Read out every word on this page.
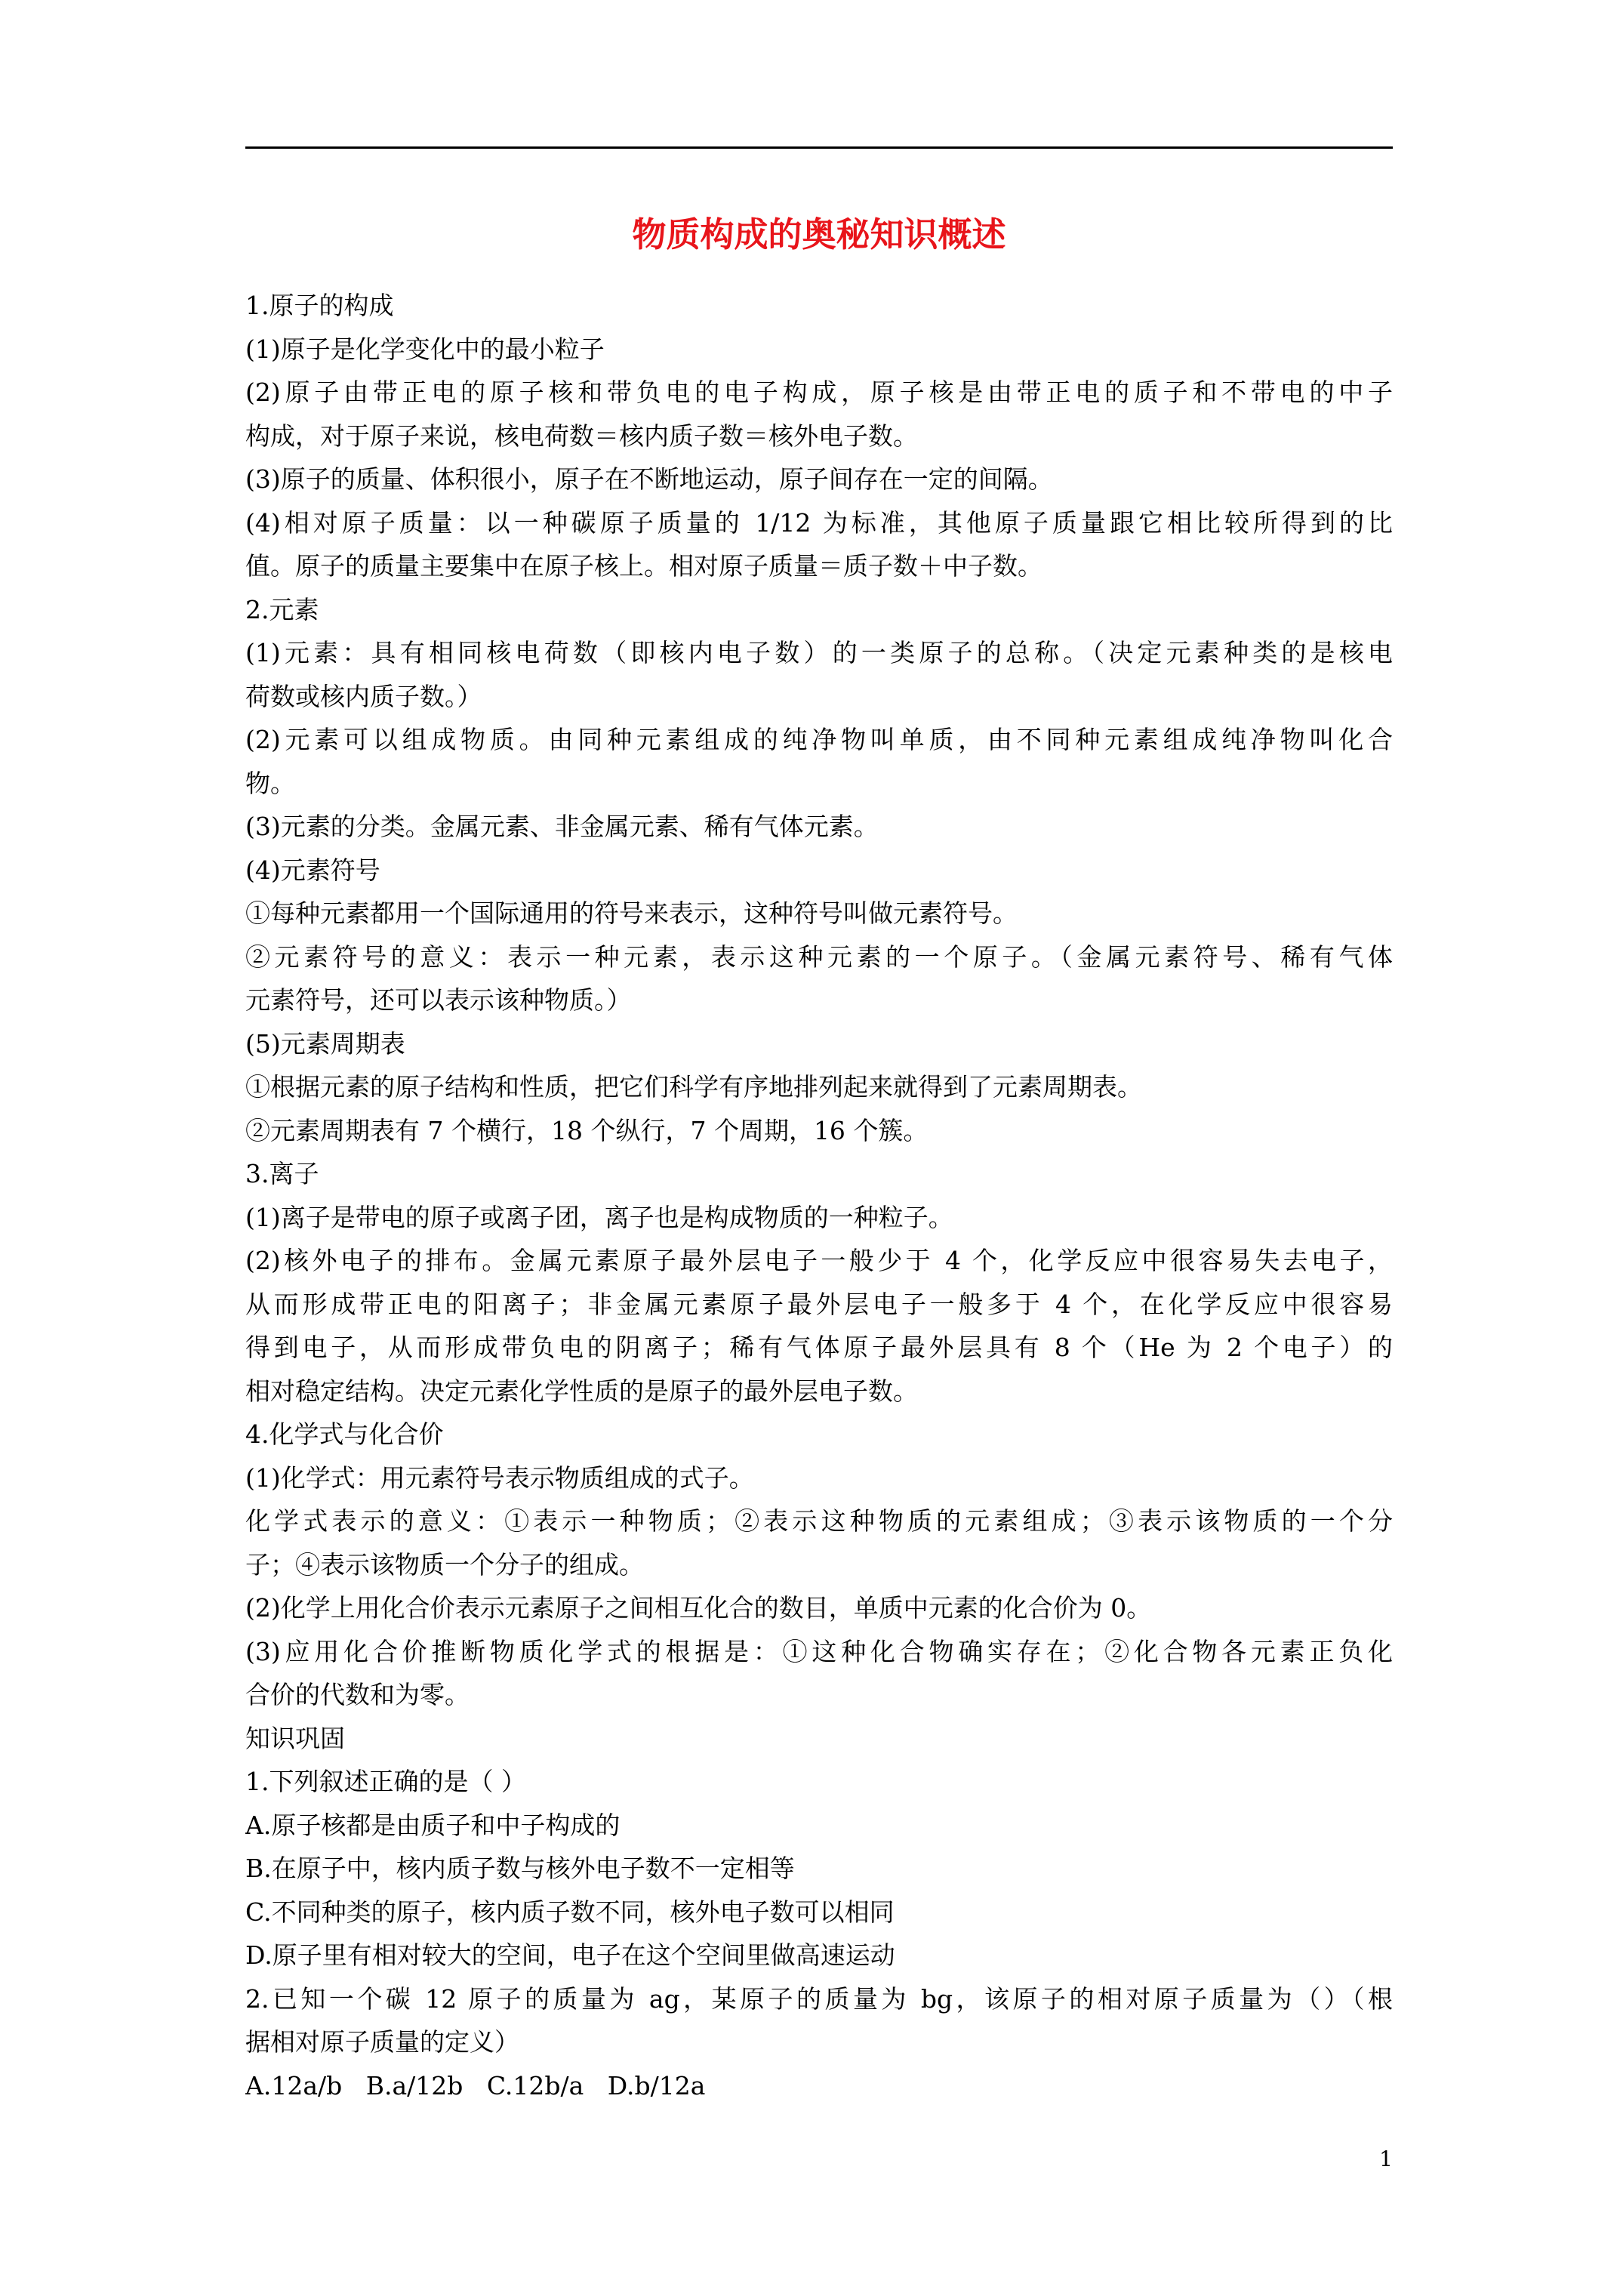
物质构成的奥秘知识概述
1.原子的构成
(1)原子是化学变化中的最小粒子
(2)原子由带正电的原子核和带负电的电子构成，原子核是由带正电的质子和不带电的中子
构成，对于原子来说，核电荷数＝核内质子数＝核外电子数。
(3)原子的质量、体积很小，原子在不断地运动，原子间存在一定的间隔。
(4)相对原子质量：以一种碳原子质量的 1/12 为标准，其他原子质量跟它相比较所得到的比
值。原子的质量主要集中在原子核上。相对原子质量＝质子数＋中子数。
2.元素
(1)元素：具有相同核电荷数（即核内电子数）的一类原子的总称。（决定元素种类的是核电
荷数或核内质子数。）
(2)元素可以组成物质。由同种元素组成的纯净物叫单质，由不同种元素组成纯净物叫化合
物。
(3)元素的分类。金属元素、非金属元素、稀有气体元素。
(4)元素符号
①每种元素都用一个国际通用的符号来表示，这种符号叫做元素符号。
②元素符号的意义：表示一种元素，表示这种元素的一个原子。（金属元素符号、稀有气体
元素符号，还可以表示该种物质。）
(5)元素周期表
①根据元素的原子结构和性质，把它们科学有序地排列起来就得到了元素周期表。
②元素周期表有 7 个横行，18 个纵行，7 个周期，16 个簇。
3.离子
(1)离子是带电的原子或离子团，离子也是构成物质的一种粒子。
(2)核外电子的排布。金属元素原子最外层电子一般少于 4 个，化学反应中很容易失去电子，
从而形成带正电的阳离子；非金属元素原子最外层电子一般多于 4 个，在化学反应中很容易
得到电子，从而形成带负电的阴离子；稀有气体原子最外层具有 8 个（He 为 2 个电子）的
相对稳定结构。决定元素化学性质的是原子的最外层电子数。
4.化学式与化合价
(1)化学式：用元素符号表示物质组成的式子。
化学式表示的意义：①表示一种物质；②表示这种物质的元素组成；③表示该物质的一个分
子；④表示该物质一个分子的组成。
(2)化学上用化合价表示元素原子之间相互化合的数目，单质中元素的化合价为 0。
(3)应用化合价推断物质化学式的根据是：①这种化合物确实存在；②化合物各元素正负化
合价的代数和为零。
知识巩固
1.下列叙述正确的是（ ）
A.原子核都是由质子和中子构成的
B.在原子中，核内质子数与核外电子数不一定相等
C.不同种类的原子，核内质子数不同，核外电子数可以相同
D.原子里有相对较大的空间，电子在这个空间里做高速运动
2.已知一个碳 12 原子的质量为 ag，某原子的质量为 bg，该原子的相对原子质量为（）（根
据相对原子质量的定义）
A.12a/b   B.a/12b   C.12b/a   D.b/12a
1
